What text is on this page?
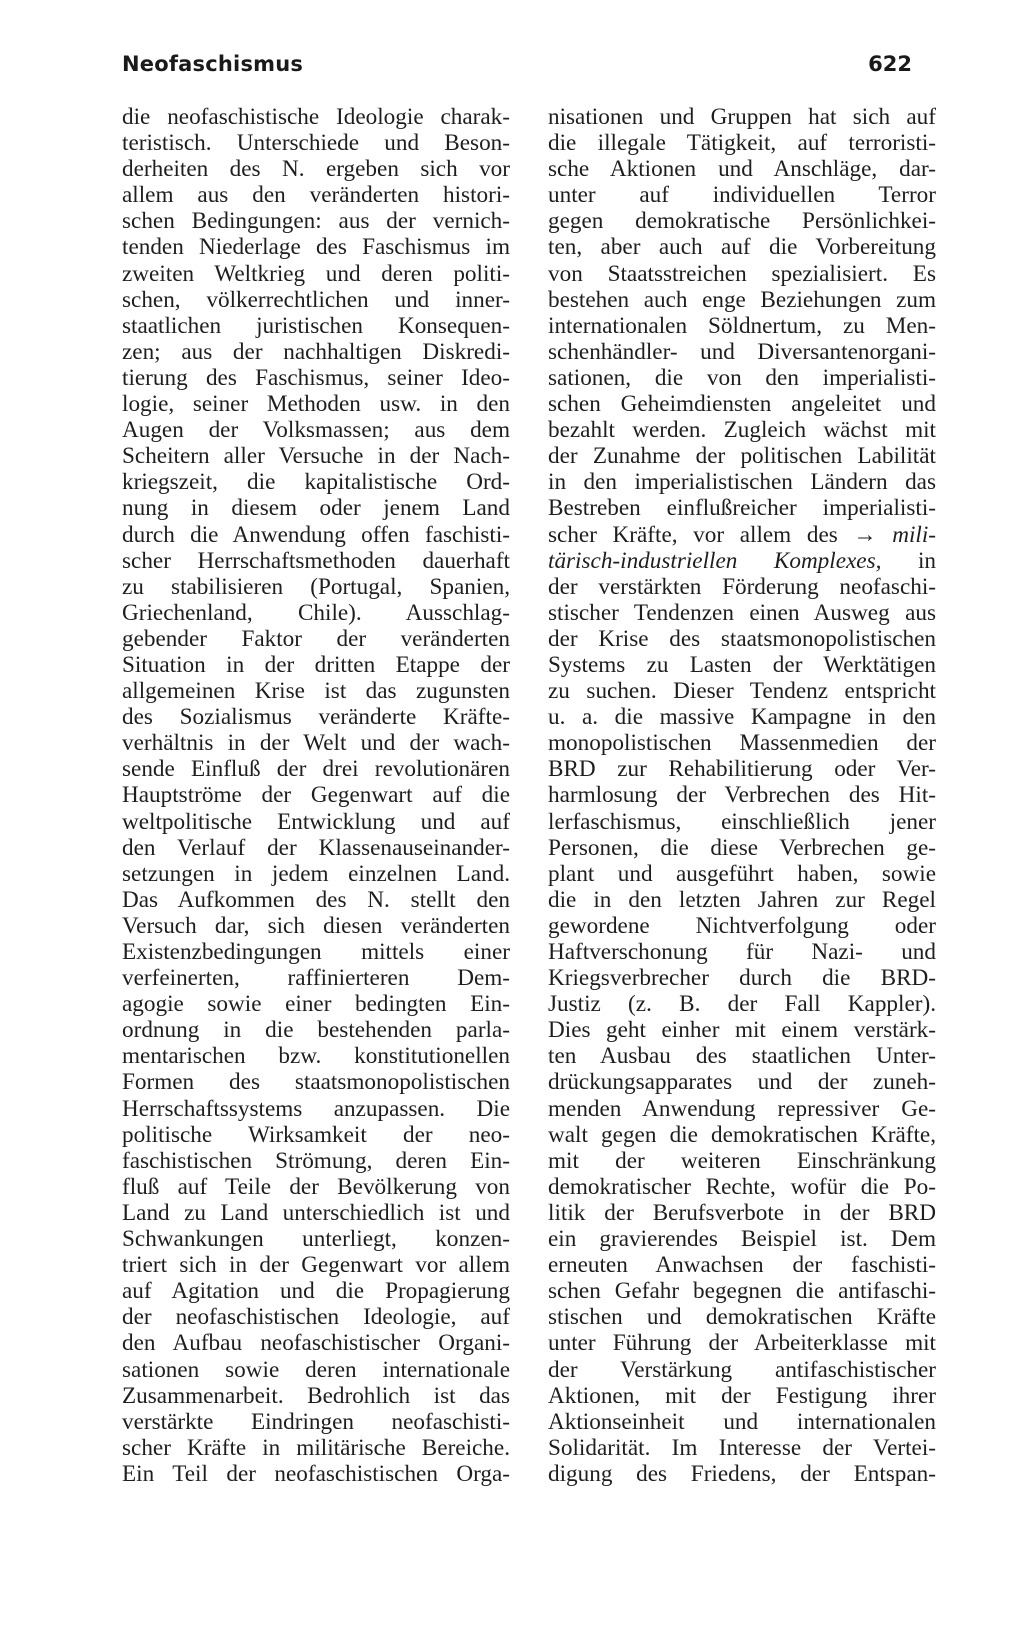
Neofaschismus	622
die neofaschistische Ideologie charak-
teristisch. Unterschiede und Beson-
derheiten des N. ergeben sich vor
allem aus den veränderten histori-
schen Bedingungen: aus der vernich-
tenden Niederlage des Faschismus im
zweiten Weltkrieg und deren politi-
schen, völkerrechtlichen und inner-
staatlichen juristischen Konsequen-
zen; aus der nachhaltigen Diskredi-
tierung des Faschismus, seiner Ideo-
logie, seiner Methoden usw. in den
Augen der Volksmassen; aus dem
Scheitern aller Versuche in der Nach-
kriegszeit, die kapitalistische Ord-
nung in diesem oder jenem Land
durch die Anwendung offen faschisti-
scher Herrschaftsmethoden dauerhaft
zu stabilisieren (Portugal, Spanien,
Griechenland, Chile). Ausschlag-
gebender Faktor der veränderten
Situation in der dritten Etappe der
allgemeinen Krise ist das zugunsten
des Sozialismus veränderte Kräfte-
verhältnis in der Welt und der wach-
sende Einfluß der drei revolutionären
Hauptströme der Gegenwart auf die
weltpolitische Entwicklung und auf
den Verlauf der Klassenauseinander-
setzungen in jedem einzelnen Land.
Das Aufkommen des N. stellt den
Versuch dar, sich diesen veränderten
Existenzbedingungen mittels einer
verfeinerten, raffinierteren Dem-
agogie sowie einer bedingten Ein-
ordnung in die bestehenden parla-
mentarischen bzw. konstitutionellen
Formen des staatsmonopolistischen
Herrschaftssystems anzupassen. Die
politische Wirksamkeit der neo-
faschistischen Strömung, deren Ein-
fluß auf Teile der Bevölkerung von
Land zu Land unterschiedlich ist und
Schwankungen unterliegt, konzen-
triert sich in der Gegenwart vor allem
auf Agitation und die Propagierung
der neofaschistischen Ideologie, auf
den Aufbau neofaschistischer Organi-
sationen sowie deren internationale
Zusammenarbeit. Bedrohlich ist das
verstärkte Eindringen neofaschisti-
scher Kräfte in militärische Bereiche.
Ein Teil der neofaschistischen Orga-
nisationen und Gruppen hat sich auf
die illegale Tätigkeit, auf terroristi-
sche Aktionen und Anschläge, dar-
unter auf individuellen Terror
gegen demokratische Persönlichkei-
ten, aber auch auf die Vorbereitung
von Staatsstreichen spezialisiert. Es
bestehen auch enge Beziehungen zum
internationalen Söldnertum, zu Men-
schenhändler- und Diversantenorgani-
sationen, die von den imperialisti-
schen Geheimdiensten angeleitet und
bezahlt werden. Zugleich wächst mit
der Zunahme der politischen Labilität
in den imperialistischen Ländern das
Bestreben einflußreicher imperialisti-
scher Kräfte, vor allem des → mili-
tärisch-industriellen Komplexes, in
der verstärkten Förderung neofaschi-
stischer Tendenzen einen Ausweg aus
der Krise des staatsmonopolistischen
Systems zu Lasten der Werktätigen
zu suchen. Dieser Tendenz entspricht
u. a. die massive Kampagne in den
monopolistischen Massenmedien der
BRD zur Rehabilitierung oder Ver-
harmlosung der Verbrechen des Hit-
lerfaschismus, einschließlich jener
Personen, die diese Verbrechen ge-
plant und ausgeführt haben, sowie
die in den letzten Jahren zur Regel
gewordene Nichtverfolgung oder
Haftverschonung für Nazi- und
Kriegsverbrecher durch die BRD-
Justiz (z. B. der Fall Kappler).
Dies geht einher mit einem verstärk-
ten Ausbau des staatlichen Unter-
drückungsapparates und der zuneh-
menden Anwendung repressiver Ge-
walt gegen die demokratischen Kräfte,
mit der weiteren Einschränkung
demokratischer Rechte, wofür die Po-
litik der Berufsverbote in der BRD
ein gravierendes Beispiel ist. Dem
erneuten Anwachsen der faschisti-
schen Gefahr begegnen die antifaschi-
stischen und demokratischen Kräfte
unter Führung der Arbeiterklasse mit
der Verstärkung antifaschistischer
Aktionen, mit der Festigung ihrer
Aktionseinheit und internationalen
Solidarität. Im Interesse der Vertei-
digung des Friedens, der Entspan-
